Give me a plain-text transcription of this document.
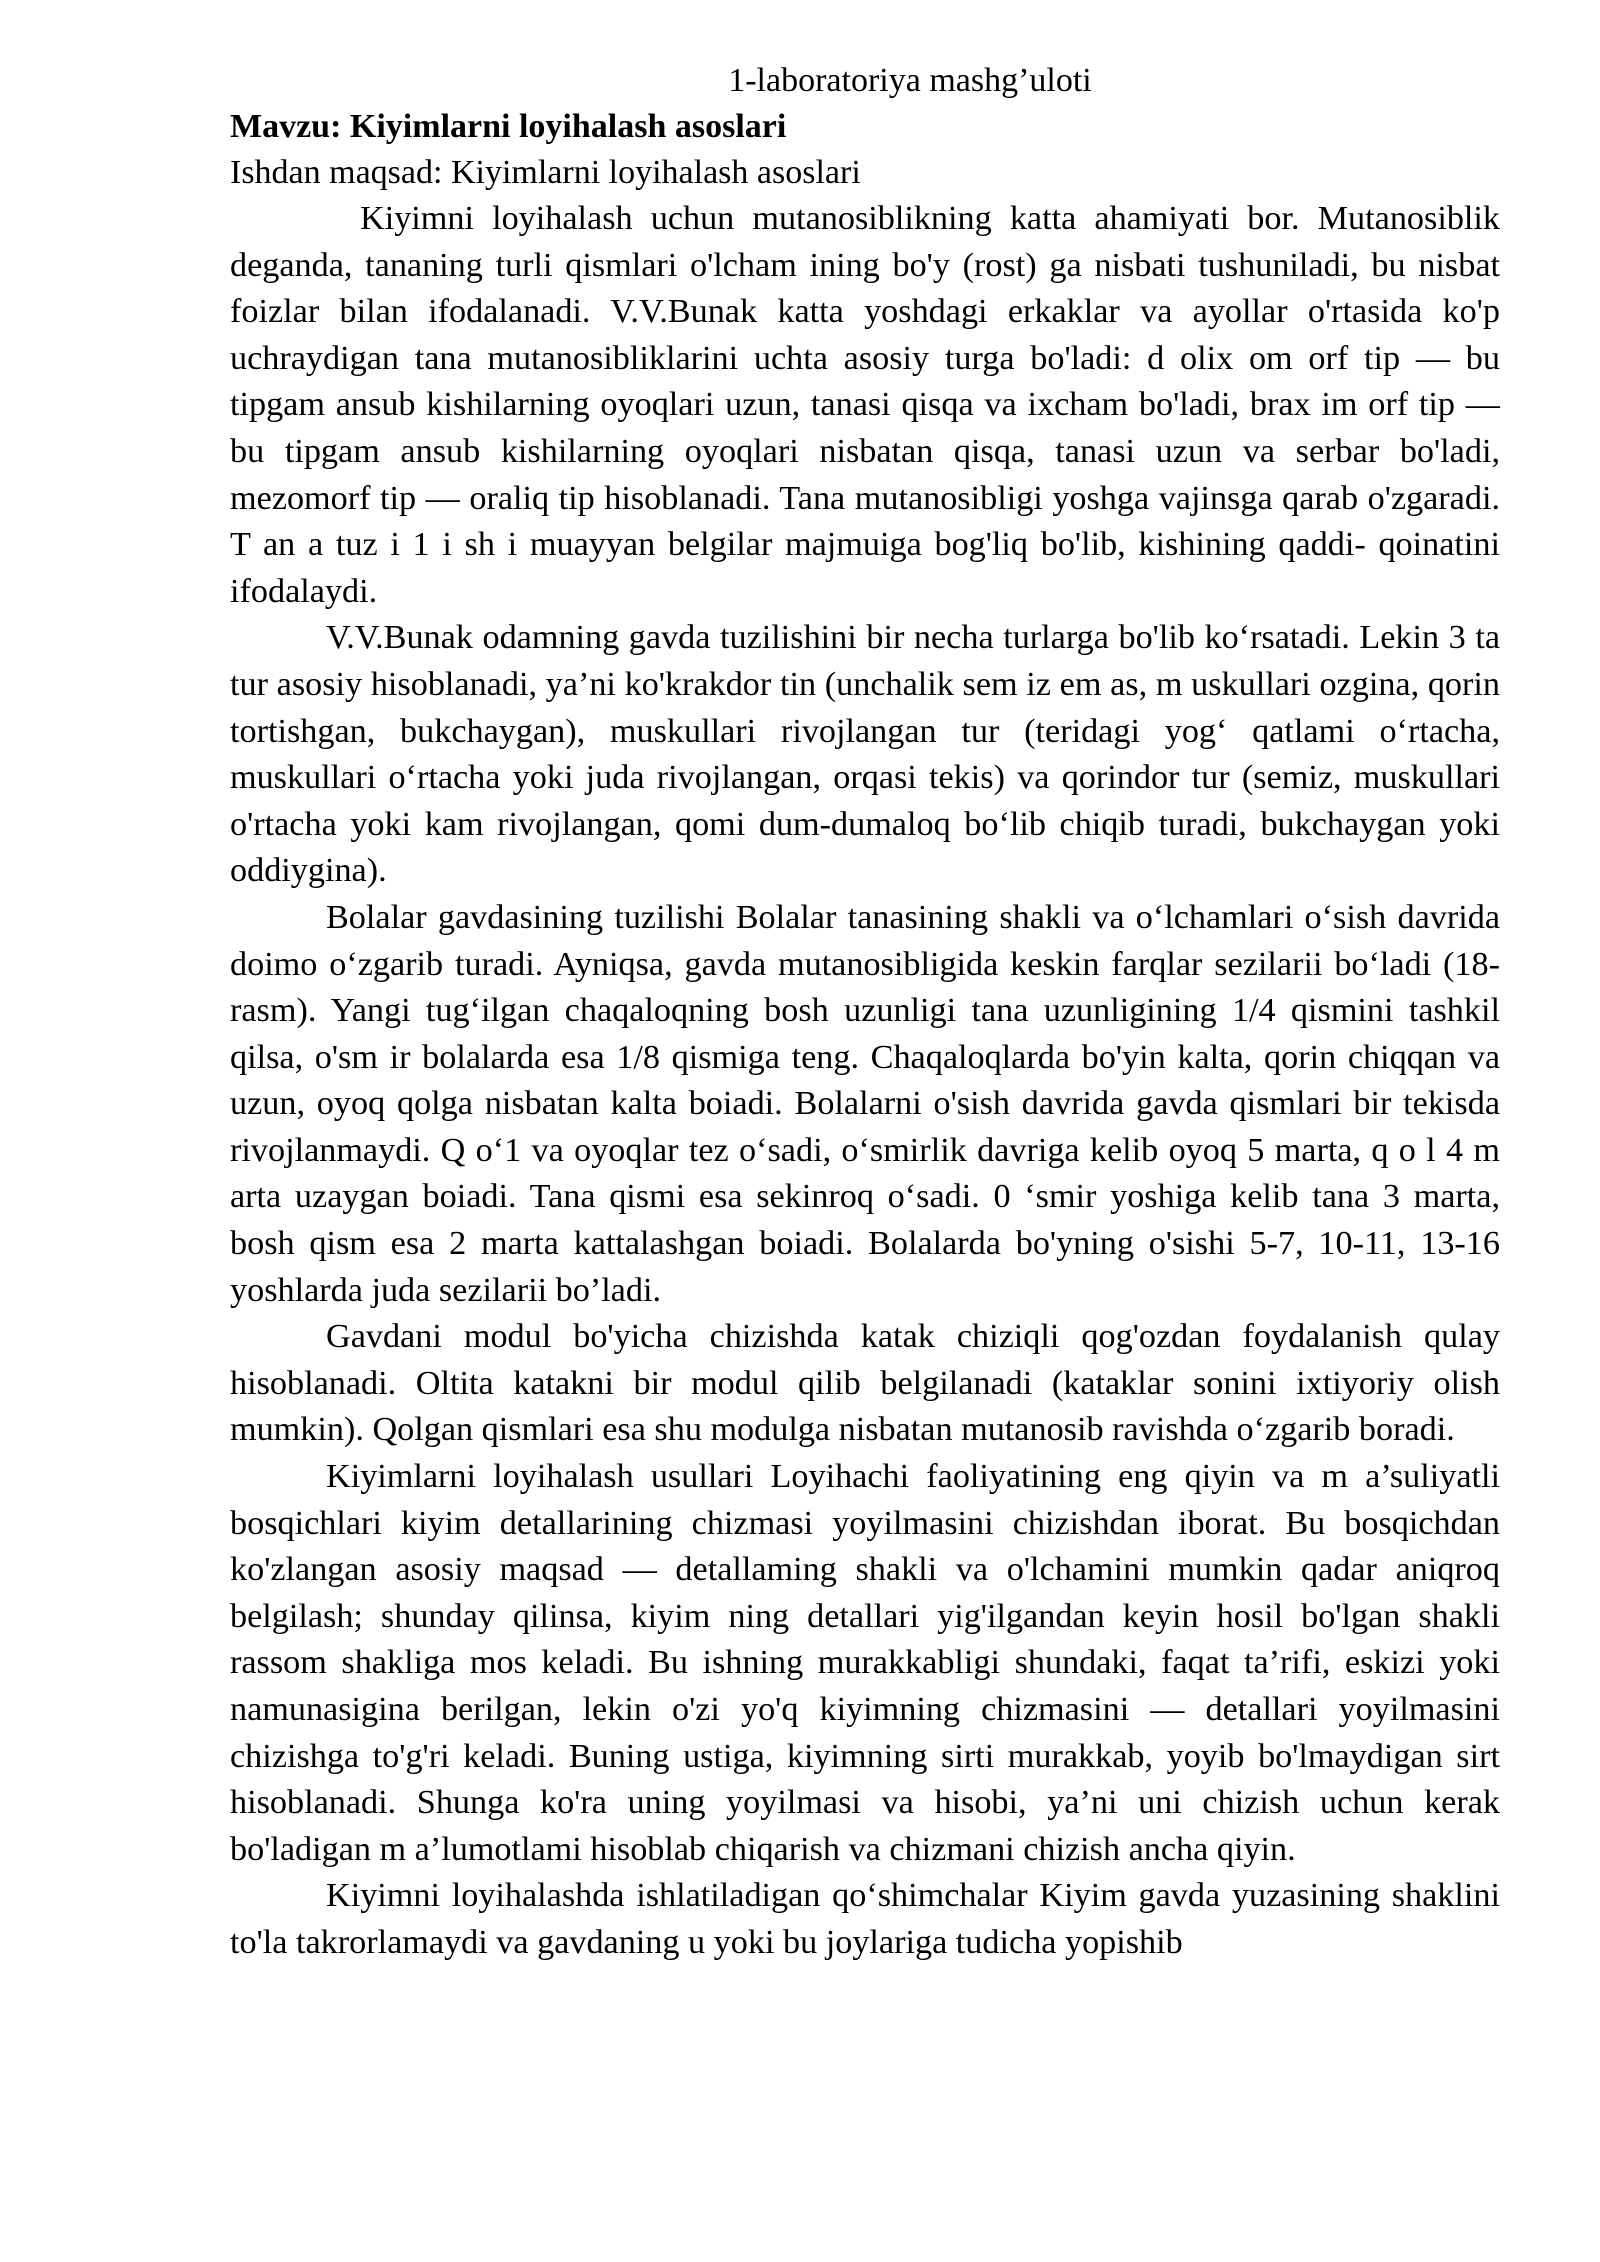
1-laboratoriya mashg’uloti

Mavzu: Kiyimlarni loyihalash asoslari

Ishdan maqsad: Kiyimlarni loyihalash asoslari

Kiyimni loyihalash uchun mutanosiblikning katta ahamiyati bor. Mutanosiblik deganda, tananing turli qismlari o'lcham ining bo'y (rost) ga nisbati tushuniladi, bu nisbat foizlar bilan ifodalanadi. V.V.Bunak katta yoshdagi erkaklar va ayollar o'rtasida ko'p uchraydigan tana mutanosibliklarini uchta asosiy turga bo'ladi: d olix om orf tip — bu tipgam ansub kishilarning oyoqlari uzun, tanasi qisqa va ixcham bo'ladi, brax im orf tip — bu tipgam ansub kishilarning oyoqlari nisbatan qisqa, tanasi uzun va serbar bo'ladi, mezomorf tip — oraliq tip hisoblanadi. Tana mutanosibligi yoshga vajinsga qarab o'zgaradi. T an a tuz i 1 i sh i muayyan belgilar majmuiga bog'liq bo'lib, kishining qaddi- qoinatini ifodalaydi.

V.V.Bunak odamning gavda tuzilishini bir necha turlarga bo'lib ko‘rsatadi. Lekin 3 ta tur asosiy hisoblanadi, ya’ni ko'krakdor tin (unchalik sem iz em as, m uskullari ozgina, qorin tortishgan, bukchaygan), muskullari rivojlangan tur (teridagi yog‘ qatlami o‘rtacha, muskullari o‘rtacha yoki juda rivojlangan, orqasi tekis) va qorindor tur (semiz, muskullari o'rtacha yoki kam rivojlangan, qomi dum-dumaloq bo‘lib chiqib turadi, bukchaygan yoki oddiygina).

Bolalar gavdasining tuzilishi Bolalar tanasining shakli va o‘lchamlari o‘sish davrida doimo o‘zgarib turadi. Ayniqsa, gavda mutanosibligida keskin farqlar sezilarii bo‘ladi (18-rasm). Yangi tug‘ilgan chaqaloqning bosh uzunligi tana uzunligining 1/4 qismini tashkil qilsa, o'sm ir bolalarda esa 1/8 qismiga teng. Chaqaloqlarda bo'yin kalta, qorin chiqqan va uzun, oyoq qolga nisbatan kalta boiadi. Bolalarni o'sish davrida gavda qismlari bir tekisda rivojlanmaydi. Q o‘1 va oyoqlar tez o‘sadi, o‘smirlik davriga kelib oyoq 5 marta, q o l 4 m arta uzaygan boiadi. Tana qismi esa sekinroq o‘sadi. 0 ‘smir yoshiga kelib tana 3 marta, bosh qism esa 2 marta kattalashgan boiadi. Bolalarda bo'yning o'sishi 5-7, 10-11, 13-16 yoshlarda juda sezilarii bo’ladi.

Gavdani modul bo'yicha chizishda katak chiziqli qog'ozdan foydalanish qulay hisoblanadi. Oltita katakni bir modul qilib belgilanadi (kataklar sonini ixtiyoriy olish mumkin). Qolgan qismlari esa shu modulga nisbatan mutanosib ravishda o‘zgarib boradi.

Kiyimlarni loyihalash usullari Loyihachi faoliyatining eng qiyin va m a’suliyatli bosqichlari kiyim detallarining chizmasi yoyilmasini chizishdan iborat. Bu bosqichdan ko'zlangan asosiy maqsad — detallaming shakli va o'lchamini mumkin qadar aniqroq belgilash; shunday qilinsa, kiyim ning detallari yig'ilgandan keyin hosil bo'lgan shakli rassom shakliga mos keladi. Bu ishning murakkabligi shundaki, faqat ta’rifi, eskizi yoki namunasigina berilgan, lekin o'zi yo'q kiyimning chizmasini — detallari yoyilmasini chizishga to'g'ri keladi. Buning ustiga, kiyimning sirti murakkab, yoyib bo'lmaydigan sirt hisoblanadi. Shunga ko'ra uning yoyilmasi va hisobi, ya’ni uni chizish uchun kerak bo'ladigan m a’lumotlami hisoblab chiqarish va chizmani chizish ancha qiyin.

Kiyimni loyihalashda ishlatiladigan qo‘shimchalar Kiyim gavda yuzasining shaklini to'la takrorlamaydi va gavdaning u yoki bu joylariga tudicha yopishib
